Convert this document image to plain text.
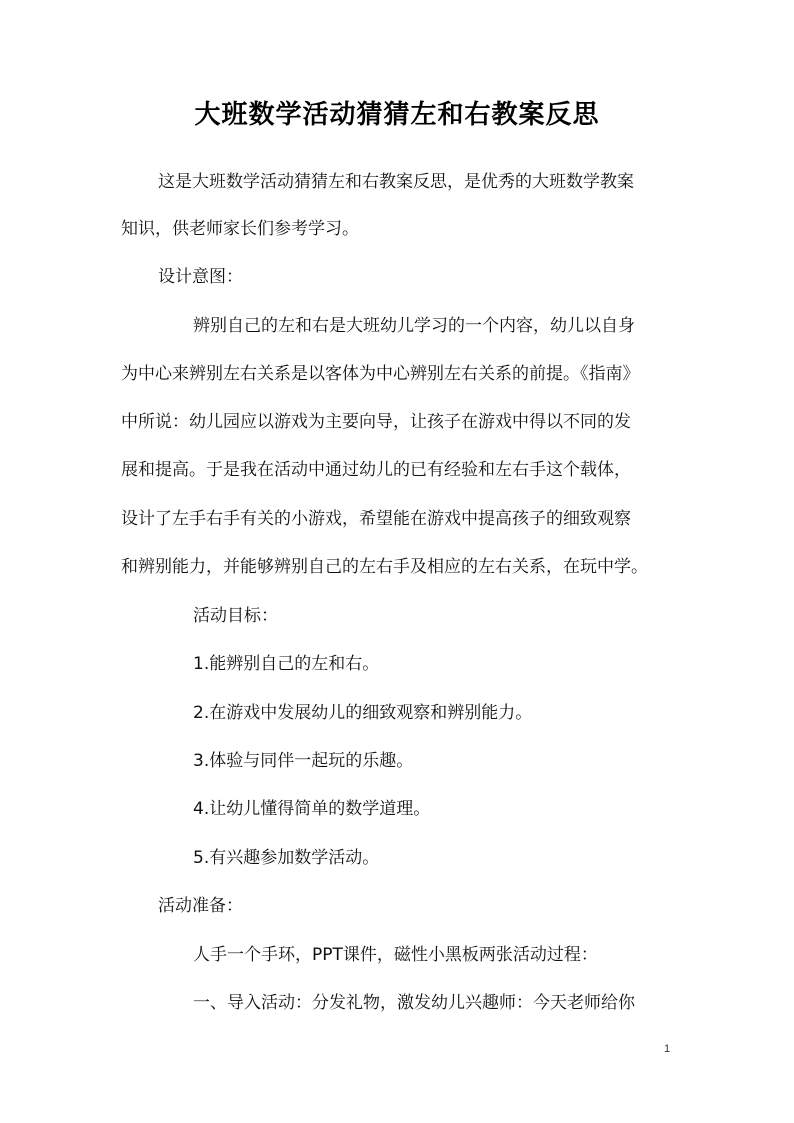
大班数学活动猜猜左和右教案反思
这是大班数学活动猜猜左和右教案反思，是优秀的大班数学教案
知识，供老师家长们参考学习。
设计意图：
辨别自己的左和右是大班幼儿学习的一个内容，幼儿以自身
为中心来辨别左右关系是以客体为中心辨别左右关系的前提。《指南》
中所说：幼儿园应以游戏为主要向导，让孩子在游戏中得以不同的发
展和提高。于是我在活动中通过幼儿的已有经验和左右手这个载体，
设计了左手右手有关的小游戏，希望能在游戏中提高孩子的细致观察
和辨别能力，并能够辨别自己的左右手及相应的左右关系，在玩中学。
活动目标：
1.能辨别自己的左和右。
2.在游戏中发展幼儿的细致观察和辨别能力。
3.体验与同伴一起玩的乐趣。
4.让幼儿懂得简单的数学道理。
5.有兴趣参加数学活动。
活动准备：
人手一个手环，PPT课件，磁性小黑板两张活动过程：
一、导入活动：分发礼物，激发幼儿兴趣师：今天老师给你
1
